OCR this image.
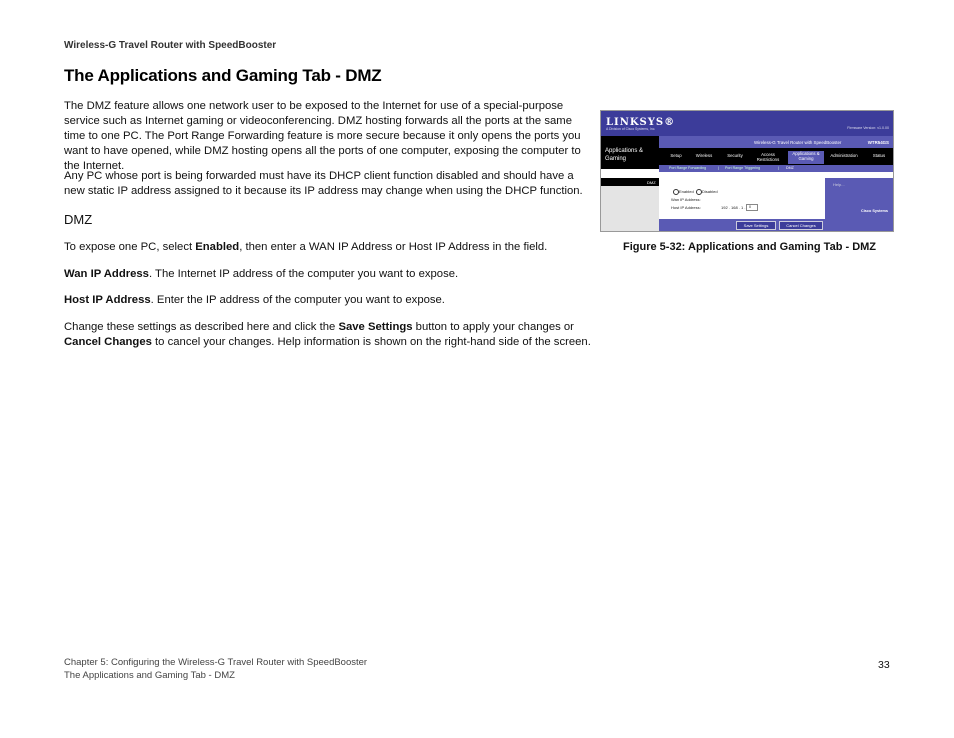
Wireless-G Travel Router with SpeedBooster
The Applications and Gaming Tab - DMZ
The DMZ feature allows one network user to be exposed to the Internet for use of a special-purpose service such as Internet gaming or videoconferencing. DMZ hosting forwards all the ports at the same time to one PC. The Port Range Forwarding feature is more secure because it only opens the ports you want to have opened, while DMZ hosting opens all the ports of one computer, exposing the computer to the Internet.
Any PC whose port is being forwarded must have its DHCP client function disabled and should have a new static IP address assigned to it because its IP address may change when using the DHCP function.
DMZ
To expose one PC, select Enabled, then enter a WAN IP Address or Host IP Address in the field.
Wan IP Address. The Internet IP address of the computer you want to expose.
Host IP Address. Enter the IP address of the computer you want to expose.
Change these settings as described here and click the Save Settings button to apply your changes or Cancel Changes to cancel your changes. Help information is shown on the right-hand side of the screen.
LINKSYS®
A Division of Cisco Systems, Inc.	Firmware Version: v1.0.00
Applications & Gaming
Wireless-G Travel Router with SpeedBooster	WTR54GS
Setup	Wireless	Security	Access Restrictions
Applications & Gaming
Administration	Status
Port Range Forwarding	| Port Range Triggering	| DMZ
DMZ
Enabled Disabled
Wan IP Address:
Host IP Address:	192 . 168 . 1 . 0
Save Settings	Cancel Changes
Help...
Cisco Systems
Figure 5-32: Applications and Gaming Tab - DMZ
Chapter 5: Configuring the Wireless-G Travel Router with SpeedBooster
The Applications and Gaming Tab - DMZ
33
